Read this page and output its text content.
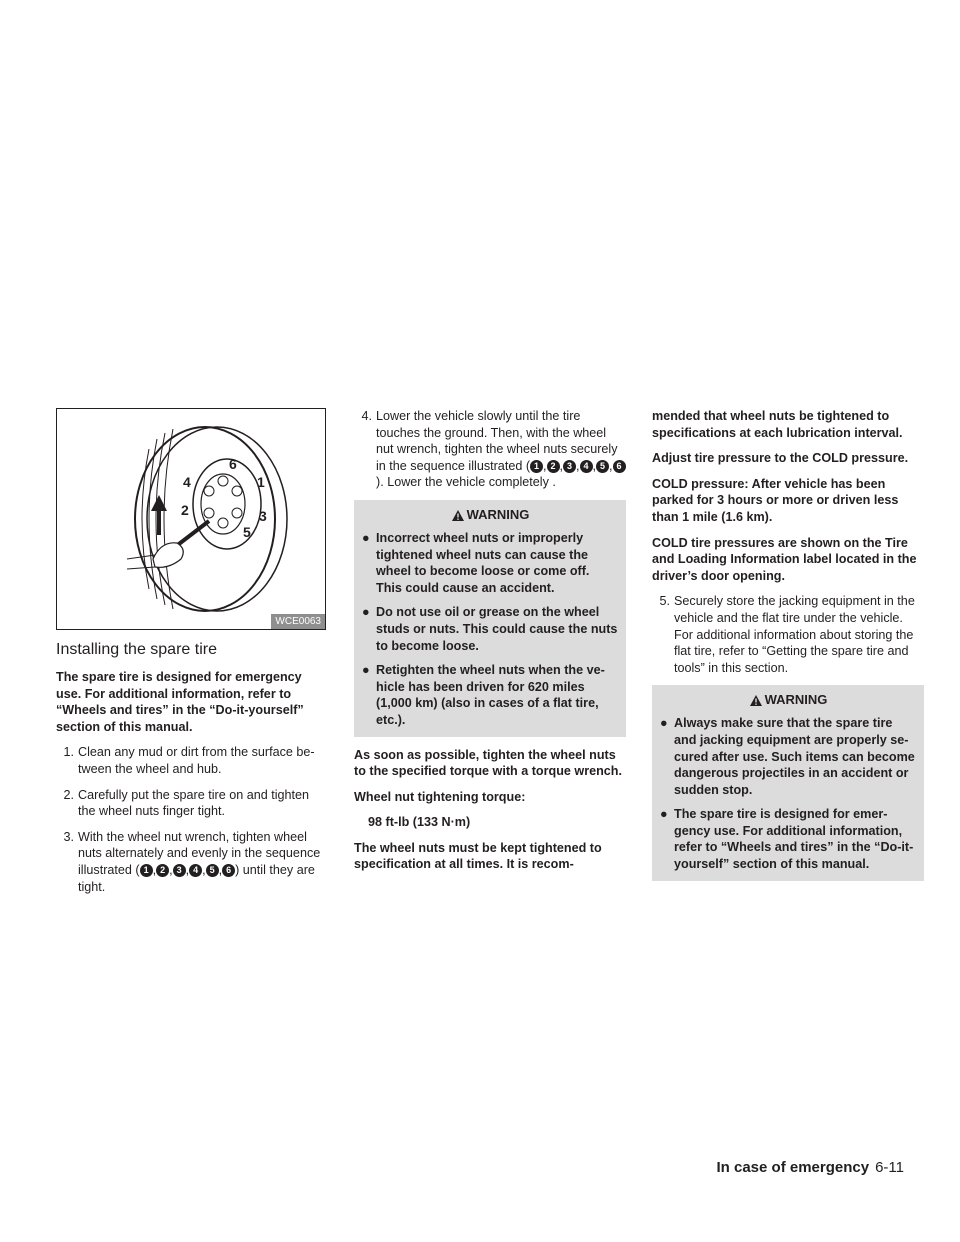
6
1
3
5
2
4
WCE0063
Installing the spare tire

The spare tire is designed for emergency use. For additional information, refer to “Wheels and tires” in the “Do-it-yourself” section of this manual.

1. Clean any mud or dirt from the surface be-tween the wheel and hub.
2. Carefully put the spare tire on and tighten the wheel nuts finger tight.
3. With the wheel nut wrench, tighten wheel nuts alternately and evenly in the sequence illustrated ( 1 , 2 , 3 , 4 , 5 , 6 ) until they are tight.
4. Lower the vehicle slowly until the tire touches the ground. Then, with the wheel nut wrench, tighten the wheel nuts securely in the sequence illustrated ( 1 , 2 , 3 , 4 , 5 , 6). Lower the vehicle completely .
WARNING
● Incorrect wheel nuts or improperly tightened wheel nuts can cause the wheel to become loose or come off. This could cause an accident.
● Do not use oil or grease on the wheel studs or nuts. This could cause the nuts to become loose.
● Retighten the wheel nuts when the ve-hicle has been driven for 620 miles (1,000 km) (also in cases of a flat tire, etc.).

As soon as possible, tighten the wheel nuts to the specified torque with a torque wrench.

Wheel nut tightening torque:

98 ft-lb (133 N·m)

The wheel nuts must be kept tightened to specification at all times. It is recom-

mended that wheel nuts be tightened to specifications at each lubrication interval.

Adjust tire pressure to the COLD pressure.

COLD pressure: After vehicle has been parked for 3 hours or more or driven less than 1 mile (1.6 km).

COLD tire pressures are shown on the Tire and Loading Information label located in the driver’s door opening.

5. Securely store the jacking equipment in the vehicle and the flat tire under the vehicle. For additional information about storing the flat tire, refer to “Getting the spare tire and tools” in this section.
WARNING
● Always make sure that the spare tire and jacking equipment are properly se-cured after use. Such items can become dangerous projectiles in an accident or sudden stop.
● The spare tire is designed for emer-gency use. For additional information, refer to “Wheels and tires” in the “Do-it-yourself” section of this manual.
In case of emergency 6-11
